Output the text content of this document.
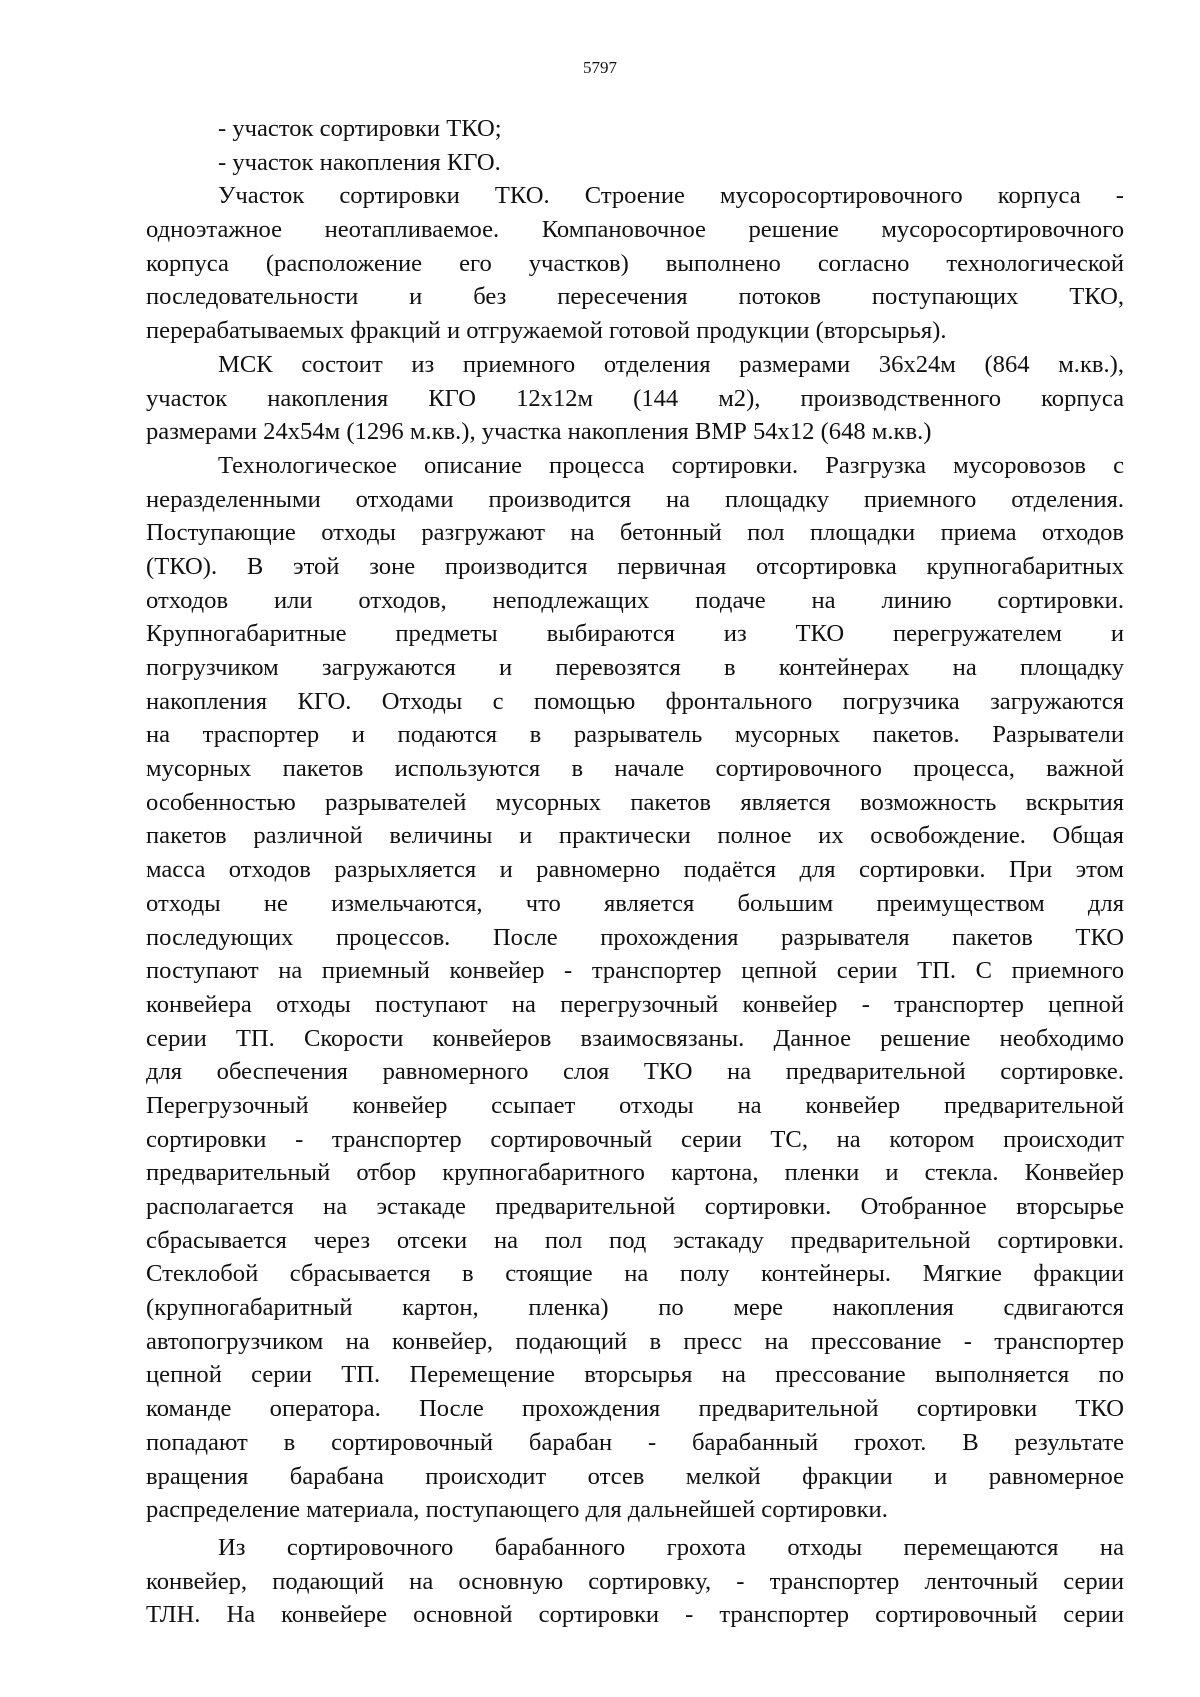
5797
- участок сортировки ТКО;
- участок накопления КГО.
Участок сортировки ТКО. Строение мусоросортировочного корпуса -
одноэтажное неотапливаемое. Компановочное решение мусоросортировочного
корпуса (расположение его участков) выполнено согласно технологической
последовательности и без пересечения потоков поступающих ТКО,
перерабатываемых фракций и отгружаемой готовой продукции (вторсырья).
МСК состоит из приемного отделения размерами 36х24м (864 м.кв.),
участок накопления КГО 12х12м (144 м2), производственного корпуса
размерами 24х54м (1296 м.кв.), участка накопления ВМР 54х12 (648 м.кв.)
Технологическое описание процесса сортировки. Разгрузка мусоровозов с
неразделенными отходами производится на площадку приемного отделения.
Поступающие отходы разгружают на бетонный пол площадки приема отходов
(ТКО). В этой зоне производится первичная отсортировка крупногабаритных
отходов или отходов, неподлежащих подаче на линию сортировки.
Крупногабаритные предметы выбираются из ТКО перегружателем и
погрузчиком загружаются и перевозятся в контейнерах на площадку
накопления КГО. Отходы с помощью фронтального погрузчика загружаются
на траспортер и подаются в разрыватель мусорных пакетов. Разрыватели
мусорных пакетов используются в начале сортировочного процесса, важной
особенностью разрывателей мусорных пакетов является возможность вскрытия
пакетов различной величины и практически полное их освобождение. Общая
масса отходов разрыхляется и равномерно подаётся для сортировки. При этом
отходы не измельчаются, что является большим преимуществом для
последующих процессов. После прохождения разрывателя пакетов ТКО
поступают на приемный конвейер - транспортер цепной серии ТП. С приемного
конвейера отходы поступают на перегрузочный конвейер - транспортер цепной
серии ТП. Скорости конвейеров взаимосвязаны. Данное решение необходимо
для обеспечения равномерного слоя ТКО на предварительной сортировке.
Перегрузочный конвейер ссыпает отходы на конвейер предварительной
сортировки - транспортер сортировочный серии ТС, на котором происходит
предварительный отбор крупногабаритного картона, пленки и стекла. Конвейер
располагается на эстакаде предварительной сортировки. Отобранное вторсырье
сбрасывается через отсеки на пол под эстакаду предварительной сортировки.
Стеклобой сбрасывается в стоящие на полу контейнеры. Мягкие фракции
(крупногабаритный картон, пленка) по мере накопления сдвигаются
автопогрузчиком на конвейер, подающий в пресс на прессование - транспортер
цепной серии ТП. Перемещение вторсырья на прессование выполняется по
команде оператора. После прохождения предварительной сортировки ТКО
попадают в сортировочный барабан - барабанный грохот. В результате
вращения барабана происходит отсев мелкой фракции и равномерное
распределение материала, поступающего для дальнейшей сортировки.
Из сортировочного барабанного грохота отходы перемещаются на
конвейер, подающий на основную сортировку, - транспортер ленточный серии
ТЛН. На конвейере основной сортировки - транспортер сортировочный серии
